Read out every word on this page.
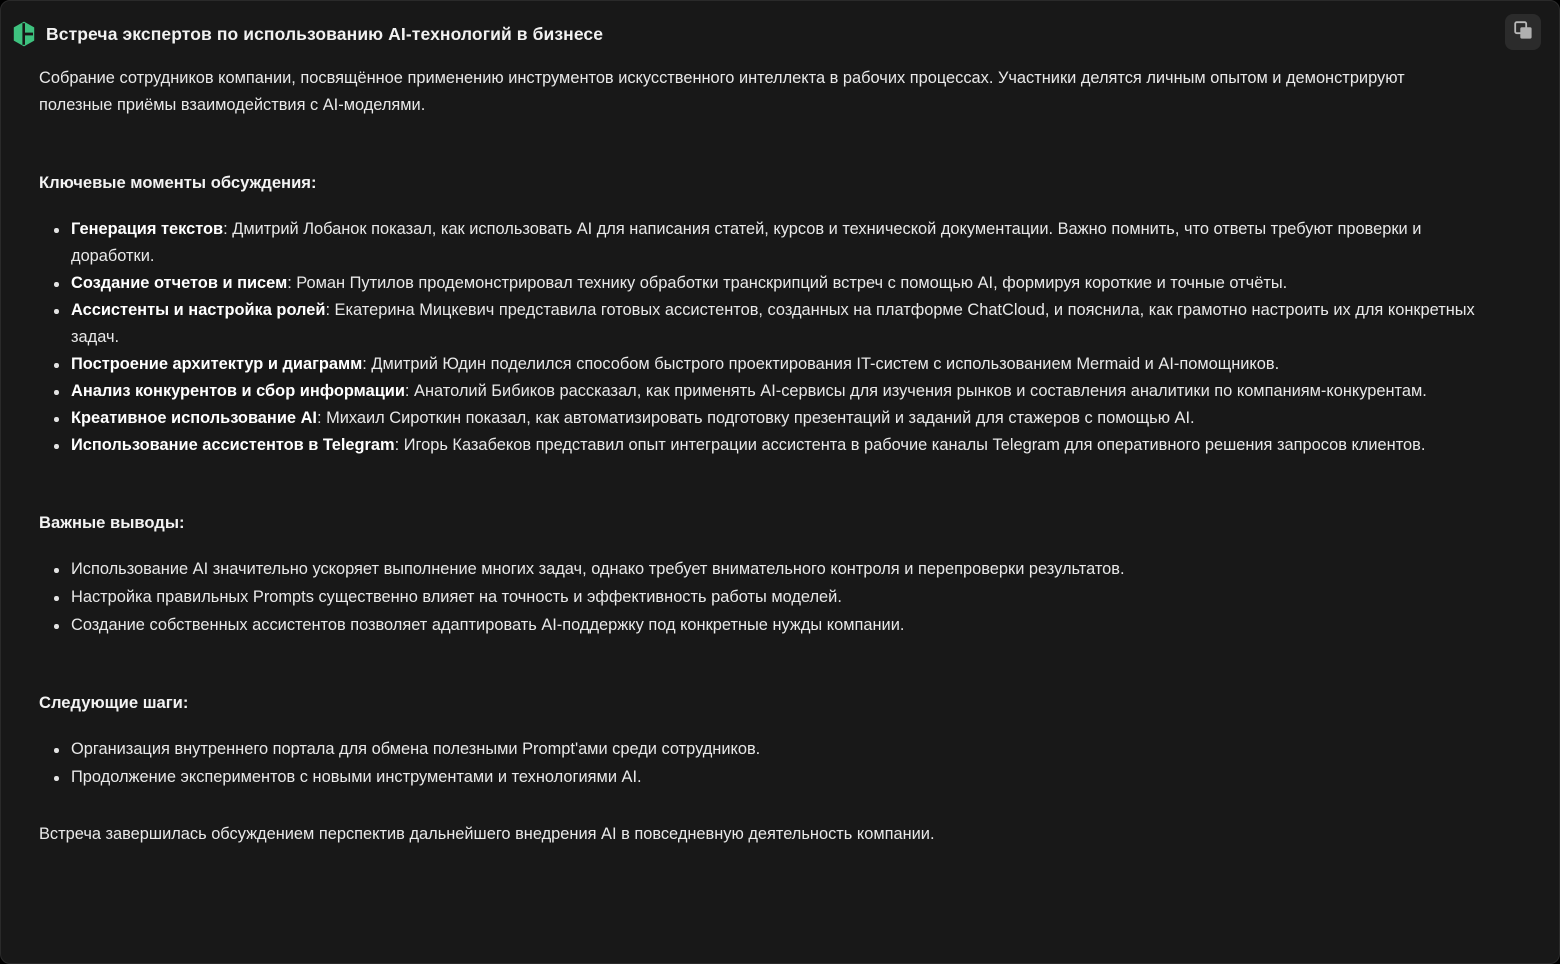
Встреча экспертов по использованию AI-технологий в бизнесе

Собрание сотрудников компании, посвящённое применению инструментов искусственного интеллекта в рабочих процессах. Участники делятся личным опытом и демонстрируют полезные приёмы взаимодействия с AI-моделями.

Ключевые моменты обсуждения:
Генерация текстов: Дмитрий Лобанок показал, как использовать AI для написания статей, курсов и технической документации. Важно помнить, что ответы требуют проверки и доработки.
Создание отчетов и писем: Роман Путилов продемонстрировал технику обработки транскрипций встреч с помощью AI, формируя короткие и точные отчёты.
Ассистенты и настройка ролей: Екатерина Мицкевич представила готовых ассистентов, созданных на платформе ChatCloud, и пояснила, как грамотно настроить их для конкретных задач.
Построение архитектур и диаграмм: Дмитрий Юдин поделился способом быстрого проектирования IT-систем с использованием Mermaid и AI-помощников.
Анализ конкурентов и сбор информации: Анатолий Бибиков рассказал, как применять AI-сервисы для изучения рынков и составления аналитики по компаниям-конкурентам.
Креативное использование AI: Михаил Сироткин показал, как автоматизировать подготовку презентаций и заданий для стажеров с помощью AI.
Использование ассистентов в Telegram: Игорь Казабеков представил опыт интеграции ассистента в рабочие каналы Telegram для оперативного решения запросов клиентов.
Важные выводы:
Использование AI значительно ускоряет выполнение многих задач, однако требует внимательного контроля и перепроверки результатов.
Настройка правильных Prompts существенно влияет на точность и эффективность работы моделей.
Создание собственных ассистентов позволяет адаптировать AI-поддержку под конкретные нужды компании.
Следующие шаги:
Организация внутреннего портала для обмена полезными Prompt'ами среди сотрудников.
Продолжение экспериментов с новыми инструментами и технологиями AI.

Встреча завершилась обсуждением перспектив дальнейшего внедрения AI в повседневную деятельность компании.
